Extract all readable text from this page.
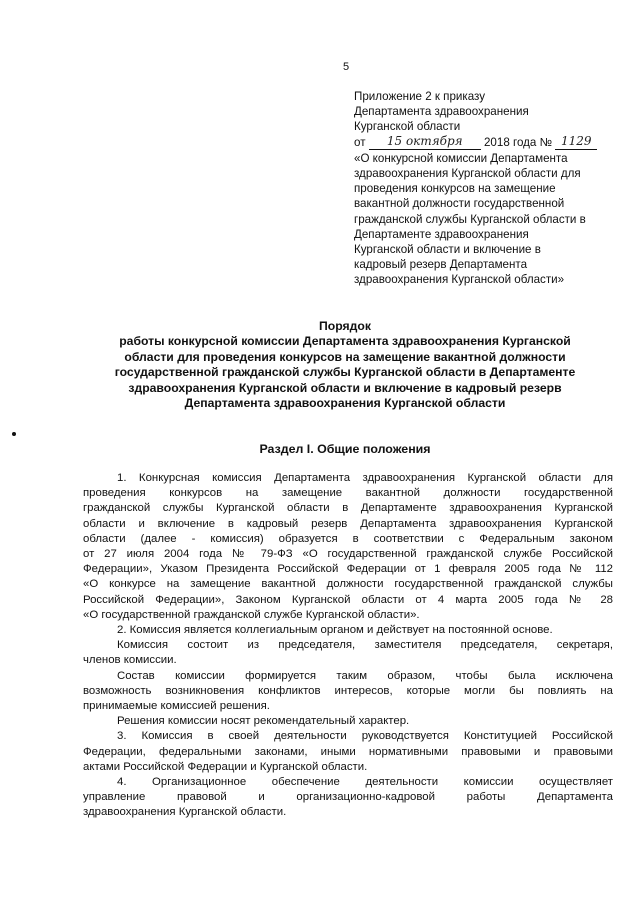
5
Приложение 2 к приказу
Департамента здравоохранения
Курганской области
от 15 октября 2018 года № 1129
«О конкурсной комиссии Департамента
здравоохранения Курганской области для
проведения конкурсов на замещение
вакантной должности государственной
гражданской службы Курганской области в
Департаменте здравоохранения
Курганской области и включение в
кадровый резерв Департамента
здравоохранения Курганской области»
Порядок
работы конкурсной комиссии Департамента здравоохранения Курганской
области для проведения конкурсов на замещение вакантной должности
государственной гражданской службы Курганской области в Департаменте
здравоохранения Курганской области и включение в кадровый резерв
Департамента здравоохранения Курганской области
Раздел I. Общие положения
1. Конкурсная комиссия Департамента здравоохранения Курганской области для
проведения конкурсов на замещение вакантной должности государственной
гражданской службы Курганской области в Департаменте здравоохранения Курганской
области и включение в кадровый резерв Департамента здравоохранения Курганской
области (далее - комиссия) образуется в соответствии с Федеральным законом
от 27 июля 2004 года № 79-ФЗ «О государственной гражданской службе Российской
Федерации», Указом Президента Российской Федерации от 1 февраля 2005 года № 112
«О конкурсе на замещение вакантной должности государственной гражданской службы
Российской Федерации», Законом Курганской области от 4 марта 2005 года № 28
«О государственной гражданской службе Курганской области».
2. Комиссия является коллегиальным органом и действует на постоянной основе.
Комиссия состоит из председателя, заместителя председателя, секретаря,
членов комиссии.
Состав комиссии формируется таким образом, чтобы была исключена
возможность возникновения конфликтов интересов, которые могли бы повлиять на
принимаемые комиссией решения.
Решения комиссии носят рекомендательный характер.
3. Комиссия в своей деятельности руководствуется Конституцией Российской
Федерации, федеральными законами, иными нормативными правовыми и правовыми
актами Российской Федерации и Курганской области.
4. Организационное обеспечение деятельности комиссии осуществляет
управление правовой и организационно-кадровой работы Департамента
здравоохранения Курганской области.
